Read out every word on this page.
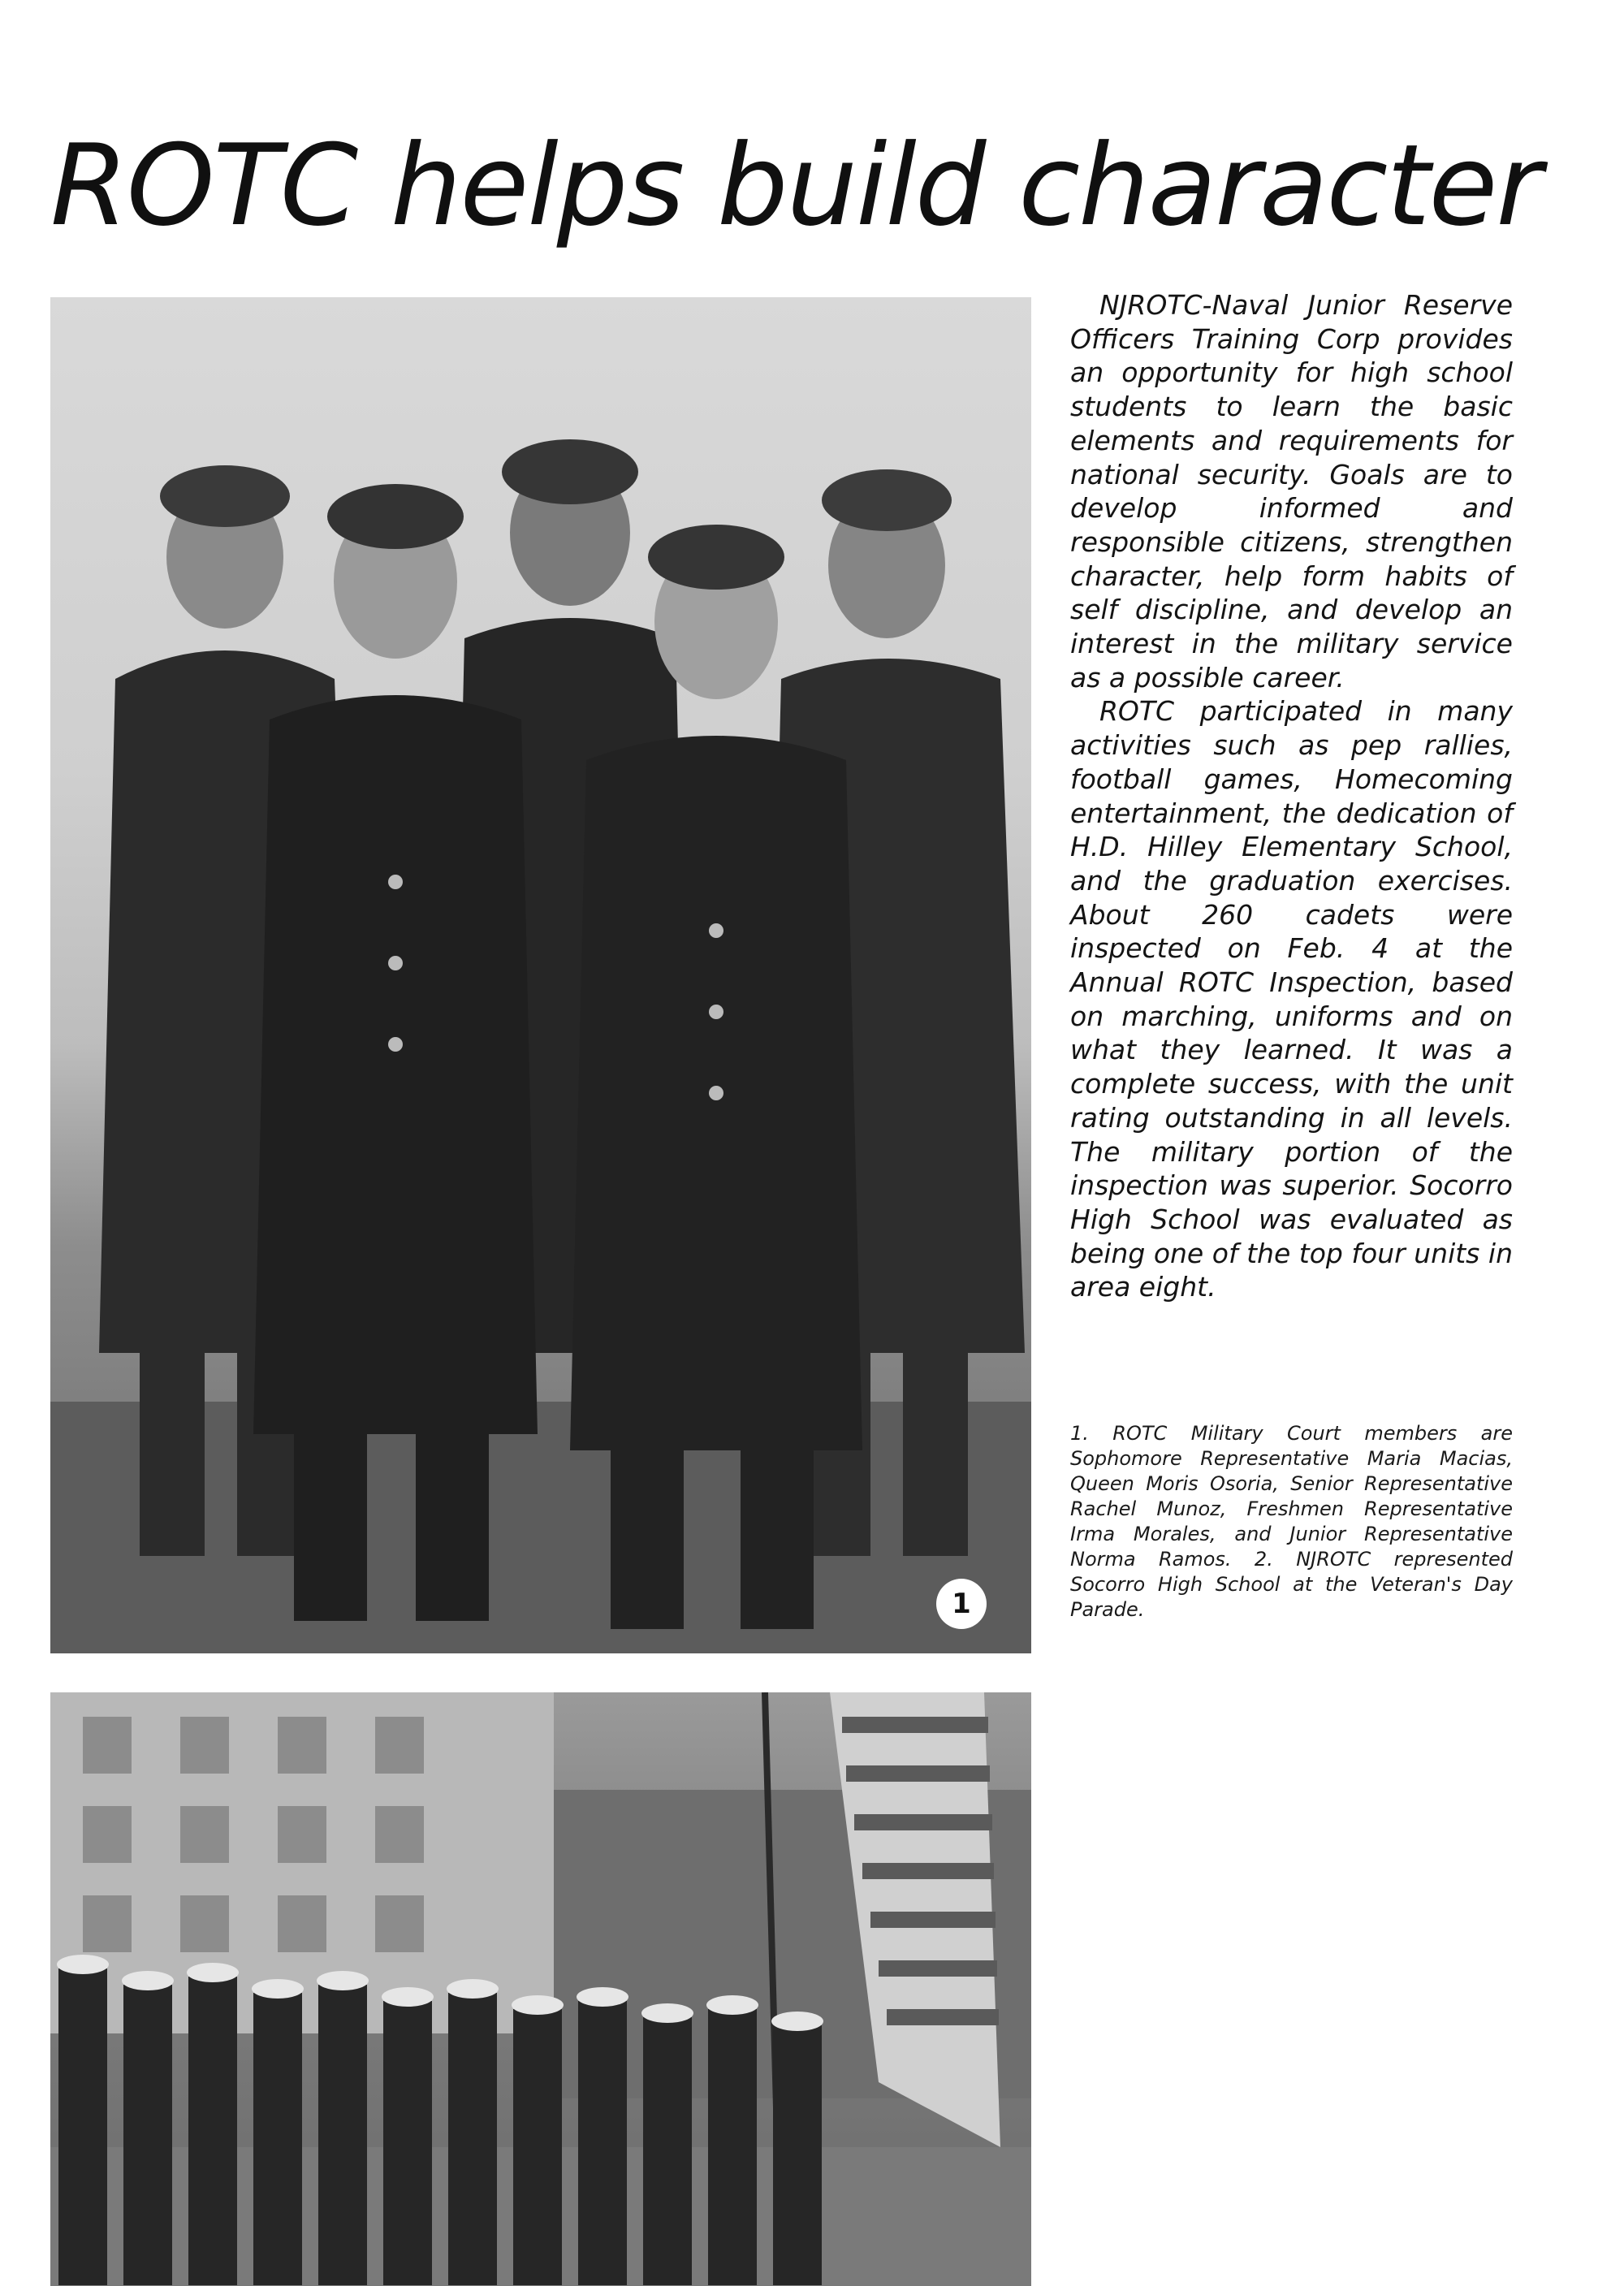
ROTC helps build character
1

NJROTC-Naval Junior Reserve Officers Training Corp provides an opportunity for high school students to learn the basic elements and requirements for national security. Goals are to develop informed and responsible citizens, strengthen character, help form habits of self discipline, and develop an interest in the military service as a possible career.

ROTC participated in many activities such as pep rallies, football games, Homecoming entertainment, the dedication of H.D. Hilley Elementary School, and the graduation exercises. About 260 cadets were inspected on Feb. 4 at the Annual ROTC Inspection, based on marching, uniforms and on what they learned. It was a complete success, with the unit rating outstanding in all levels. The military portion of the inspection was superior. Socorro High School was evaluated as being one of the top four units in area eight.

1. ROTC Military Court members are Sophomore Representative Maria Macias, Queen Moris Osoria, Senior Representative Rachel Munoz, Freshmen Representative Irma Morales, and Junior Representative Norma Ramos. 2. NJROTC represented Socorro High School at the Veteran's Day Parade.
